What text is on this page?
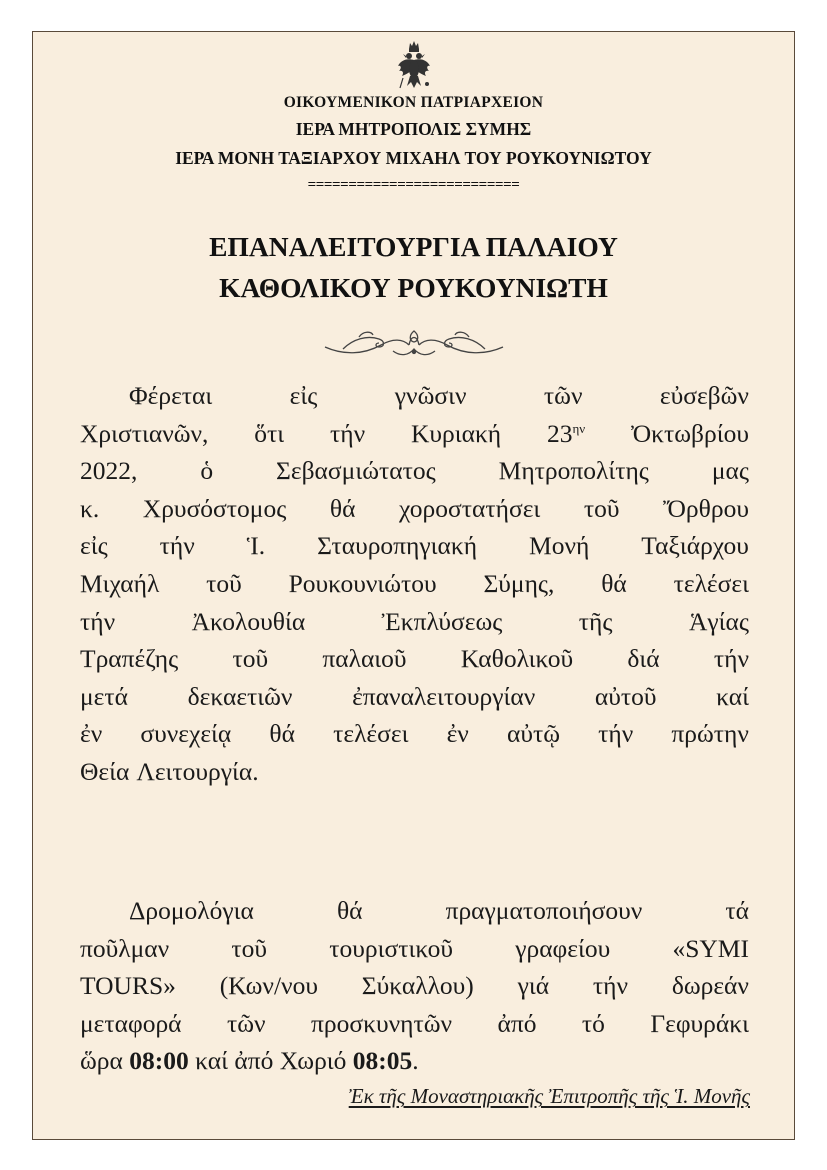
ΟΙΚΟΥΜΕΝΙΚΟΝ ΠΑΤΡΙΑΡΧΕΙΟΝ
ΙΕΡΑ ΜΗΤΡΟΠΟΛΙΣ ΣΥΜΗΣ
ΙΕΡΑ ΜΟΝΗ ΤΑΞΙΑΡΧΟΥ ΜΙΧΑΗΛ ΤΟΥ ΡΟΥΚΟΥΝΙΩΤΟΥ
==========================
ΕΠΑΝΑΛΕΙΤΟΥΡΓΙΑ ΠΑΛΑΙΟΥ
ΚΑΘΟΛΙΚΟΥ ΡΟΥΚΟΥΝΙΩΤΗ
Φέρεται	εἰς	γνῶσιν	τῶν	εὐσεβῶν
Χριστιανῶν, ὅτι τήν Κυριακή $23^{\eta\nu}$ Ὀκτωβρίου
2022, ὁ Σεβασμιώτατος Μητροπολίτης μας
κ. Χρυσόστομος θά χοροστατήσει τοῦ Ὄρθρου
εἰς τήν Ἱ. Σταυροπηγιακή Μονή Ταξιάρχου
Μιχαήλ τοῦ Ρουκουνιώτου Σύμης, θά τελέσει
τήν	Ἀκολουθία	Ἐκπλύσεως	τῆς	Ἁγίας
Τραπέζης τοῦ παλαιοῦ Καθολικοῦ διά τήν
μετά δεκαετιῶν ἐπαναλειτουργίαν αὐτοῦ καί
ἐν συνεχείᾳ θά τελέσει ἐν αὐτῷ τήν πρώτην
Θεία Λειτουργία.
Δρομολόγια	θά	πραγματοποιήσουν	τά
ποῦλμαν τοῦ τουριστικοῦ γραφείου «SYMI
TOURS» (Κων/νου Σύκαλλου) γιά τήν δωρεάν
μεταφορά τῶν προσκυνητῶν ἀπό τό Γεφυράκι
ὥρα 08:00 καί ἀπό Χωριό 08:05 .
Ἐκ τῆς Μοναστηριακῆς Ἐπιτροπῆς τῆς Ἱ. Μονῆς
